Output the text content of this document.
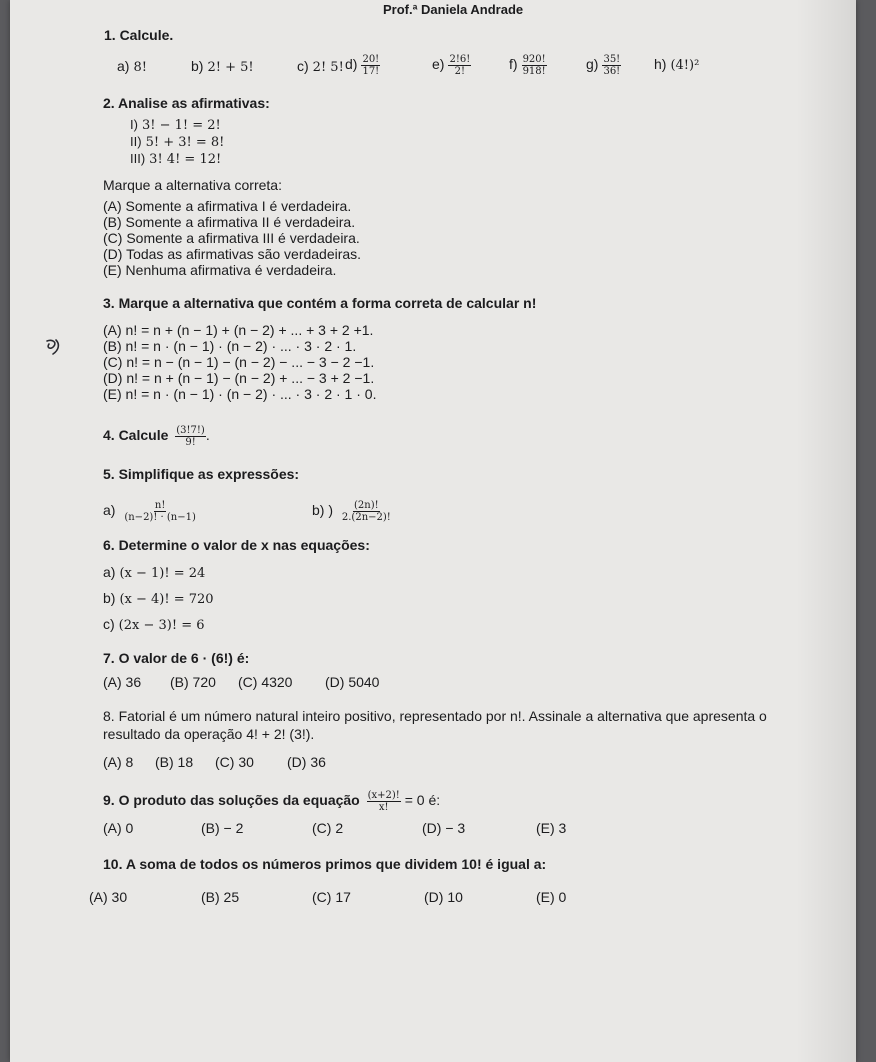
Prof.ª Daniela Andrade
1. Calcule.
a) 8!	b) 2! + 5!	c) 2! 5! $d) \frac{20!}{17!}$	$e) \frac{2!6!}{2!}$	$f) \frac{920!}{918!}$	$g) \frac{35!}{36!} h$) (4!)²
2. Analise as afirmativas:
I) 3! − 1! = 2!
II) 5! + 3! = 8!
III) 3! 4! = 12!
Marque a alternativa correta:
(A) Somente a afirmativa I é verdadeira.
(B) Somente a afirmativa II é verdadeira.
(C) Somente a afirmativa III é verdadeira.
(D) Todas as afirmativas são verdadeiras.
(E) Nenhuma afirmativa é verdadeira.
3. Marque a alternativa que contém a forma correta de calcular n!
(A) n! = n + (n − 1) + (n − 2) + ... + 3 + 2 +1.
(B) n! = n · (n − 1) · (n − 2) · ... · 3 · 2 · 1.
(C) n! = n − (n − 1) − (n − 2) − ... − 3 − 2 −1.
(D) n! = n + (n − 1) − (n − 2) + ... − 3 + 2 −1.
(E) n! = n · (n − 1) · (n − 2) · ... · 3 · 2 · 1 · 0.
4. Calcule $\frac{(3!7!)}{9!}$ .
5. Simplifique as expressões:
$a) \frac{n!}{(n-2)! \cdot (n-1)}$	b) ) $\frac{(2n)!}{2.(2n-2)!}$
6. Determine o valor de x nas equações:
a) (x − 1)! = 24
b) (x − 4)! = 720
c) (2x − 3)! = 6
7. O valor de 6 · (6!) é:
(A) 36 (B) 720 (C) 4320 (D) 5040
8. Fatorial é um número natural inteiro positivo, representado por n!. Assinale a alternativa que apresenta o
resultado da operação 4! + 2! (3!).
(A) 8 (B) 18 (C) 30 (D) 36
9. O produto das soluções da equação $\frac{(x+2)!}{x!} = 0$ é:
(A) 0	(B) − 2	(C) 2	(D) − 3	(E) 3
10. A soma de todos os números primos que dividem 10! é igual a:
(A) 30	(B) 25	(C) 17	(D) 10	(E) 0
